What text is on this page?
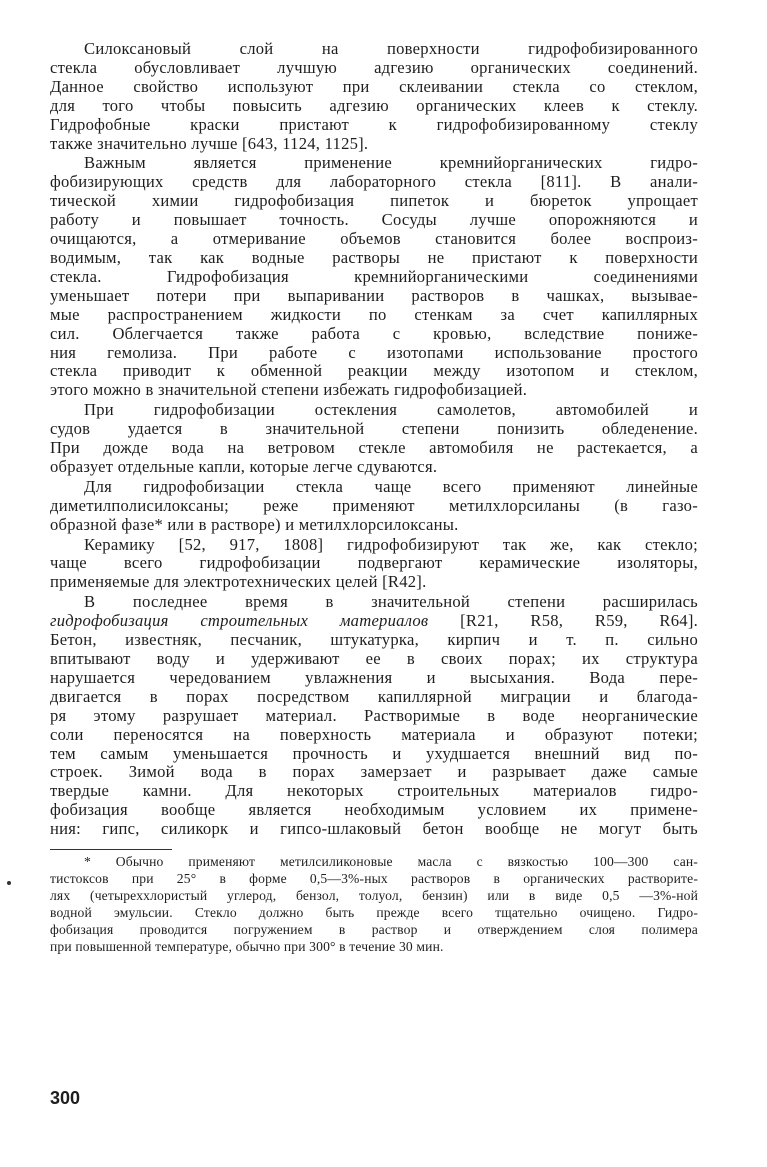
Силоксановый слой на поверхности гидрофобизированного
стекла обусловливает лучшую адгезию органических соединений.
Данное свойство используют при склеивании стекла со стеклом,
для того чтобы повысить адгезию органических клеев к стеклу.
Гидрофобные краски пристают к гидрофобизированному стеклу
также значительно лучше [643, 1124, 1125].
Важным является применение кремнийорганических гидро-
фобизирующих средств для лабораторного стекла [811]. В анали-
тической химии гидрофобизация пипеток и бюреток упрощает
работу и повышает точность. Сосуды лучше опорожняются и
очищаются, а отмеривание объемов становится более воспроиз-
водимым, так как водные растворы не пристают к поверхности
стекла. Гидрофобизация кремнийорганическими соединениями
уменьшает потери при выпаривании растворов в чашках, вызывае-
мые распространением жидкости по стенкам за счет капиллярных
сил. Облегчается также работа с кровью, вследствие пониже-
ния гемолиза. При работе с изотопами использование простого
стекла приводит к обменной реакции между изотопом и стеклом,
этого можно в значительной степени избежать гидрофобизацией.
При гидрофобизации остекления самолетов, автомобилей и
судов удается в значительной степени понизить обледенение.
При дожде вода на ветровом стекле автомобиля не растекается, а
образует отдельные капли, которые легче сдуваются.
Для гидрофобизации стекла чаще всего применяют линейные
диметилполисилоксаны; реже применяют метилхлорсиланы (в газо-
образной фазе* или в растворе) и метилхлорсилоксаны.
Керамику [52, 917, 1808] гидрофобизируют так же, как стекло;
чаще всего гидрофобизации подвергают керамические изоляторы,
применяемые для электротехнических целей [R42].
В последнее время в значительной степени расширилась
гидрофобизация строительных материалов [R21, R58, R59, R64].
Бетон, известняк, песчаник, штукатурка, кирпич и т. п. сильно
впитывают воду и удерживают ее в своих порах; их структура
нарушается чередованием увлажнения и высыхания. Вода пере-
двигается в порах посредством капиллярной миграции и благода-
ря этому разрушает материал. Растворимые в воде неорганические
соли переносятся на поверхность материала и образуют потеки;
тем самым уменьшается прочность и ухудшается внешний вид по-
строек. Зимой вода в порах замерзает и разрывает даже самые
твердые камни. Для некоторых строительных материалов гидро-
фобизация вообще является необходимым условием их примене-
ния: гипс, силикорк и гипсо-шлаковый бетон вообще не могут быть
* Обычно применяют метилсиликоновые масла с вязкостью 100—300 сан-
тистоксов при 25° в форме 0,5—3%-ных растворов в органических растворите-
лях (четыреххлористый углерод, бензол, толуол, бензин) или в виде 0,5 —3%-ной
водной эмульсии. Стекло должно быть прежде всего тщательно очищено. Гидро-
фобизация проводится погружением в раствор и отверждением слоя полимера
при повышенной температуре, обычно при 300° в течение 30 мин.
300
